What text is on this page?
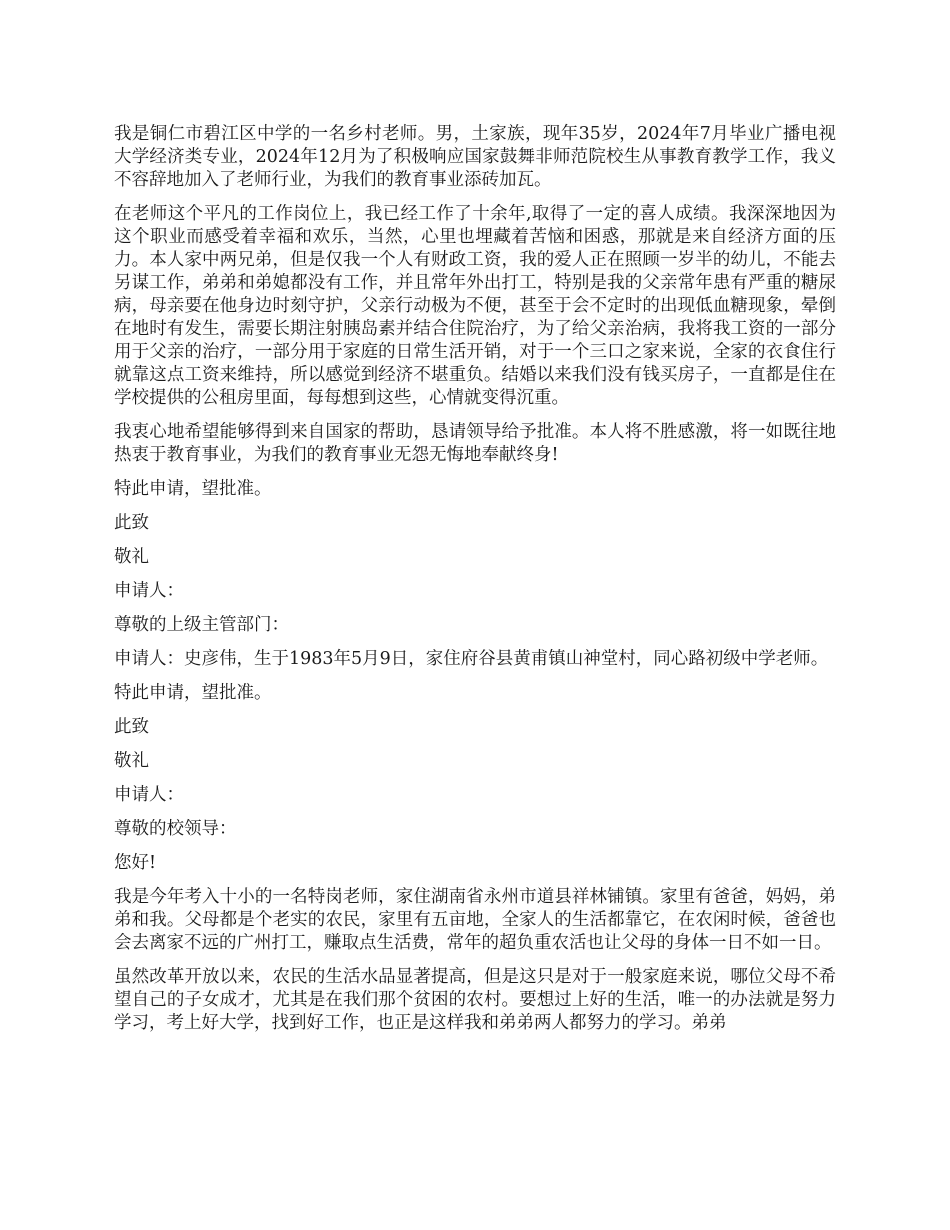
我是铜仁市碧江区中学的一名乡村老师。男，土家族，现年35岁，2024年7月毕业广播电视大学经济类专业，2024年12月为了积极响应国家鼓舞非师范院校生从事教育教学工作，我义不容辞地加入了老师行业，为我们的教育事业添砖加瓦。

在老师这个平凡的工作岗位上，我已经工作了十余年,取得了一定的喜人成绩。我深深地因为这个职业而感受着幸福和欢乐，当然，心里也埋藏着苦恼和困惑，那就是来自经济方面的压力。本人家中两兄弟，但是仅我一个人有财政工资，我的爱人正在照顾一岁半的幼儿，不能去另谋工作，弟弟和弟媳都没有工作，并且常年外出打工，特别是我的父亲常年患有严重的糖尿病，母亲要在他身边时刻守护，父亲行动极为不便，甚至于会不定时的出现低血糖现象，晕倒在地时有发生，需要长期注射胰岛素并结合住院治疗，为了给父亲治病，我将我工资的一部分用于父亲的治疗，一部分用于家庭的日常生活开销，对于一个三口之家来说，全家的衣食住行就靠这点工资来维持，所以感觉到经济不堪重负。结婚以来我们没有钱买房子，一直都是住在学校提供的公租房里面，每每想到这些，心情就变得沉重。

我衷心地希望能够得到来自国家的帮助，恳请领导给予批准。本人将不胜感激，将一如既往地热衷于教育事业，为我们的教育事业无怨无悔地奉献终身!

特此申请，望批准。

此致

敬礼

申请人：

尊敬的上级主管部门：

申请人：史彦伟，生于1983年5月9日，家住府谷县黄甫镇山神堂村，同心路初级中学老师。

特此申请，望批准。

此致

敬礼

申请人：

尊敬的校领导：

您好!

我是今年考入十小的一名特岗老师，家住湖南省永州市道县祥林铺镇。家里有爸爸，妈妈，弟弟和我。父母都是个老实的农民，家里有五亩地，全家人的生活都靠它，在农闲时候，爸爸也会去离家不远的广州打工，赚取点生活费，常年的超负重农活也让父母的身体一日不如一日。

虽然改革开放以来，农民的生活水品显著提高，但是这只是对于一般家庭来说，哪位父母不希望自己的子女成才，尤其是在我们那个贫困的农村。要想过上好的生活，唯一的办法就是努力学习，考上好大学，找到好工作，也正是这样我和弟弟两人都努力的学习。弟弟
